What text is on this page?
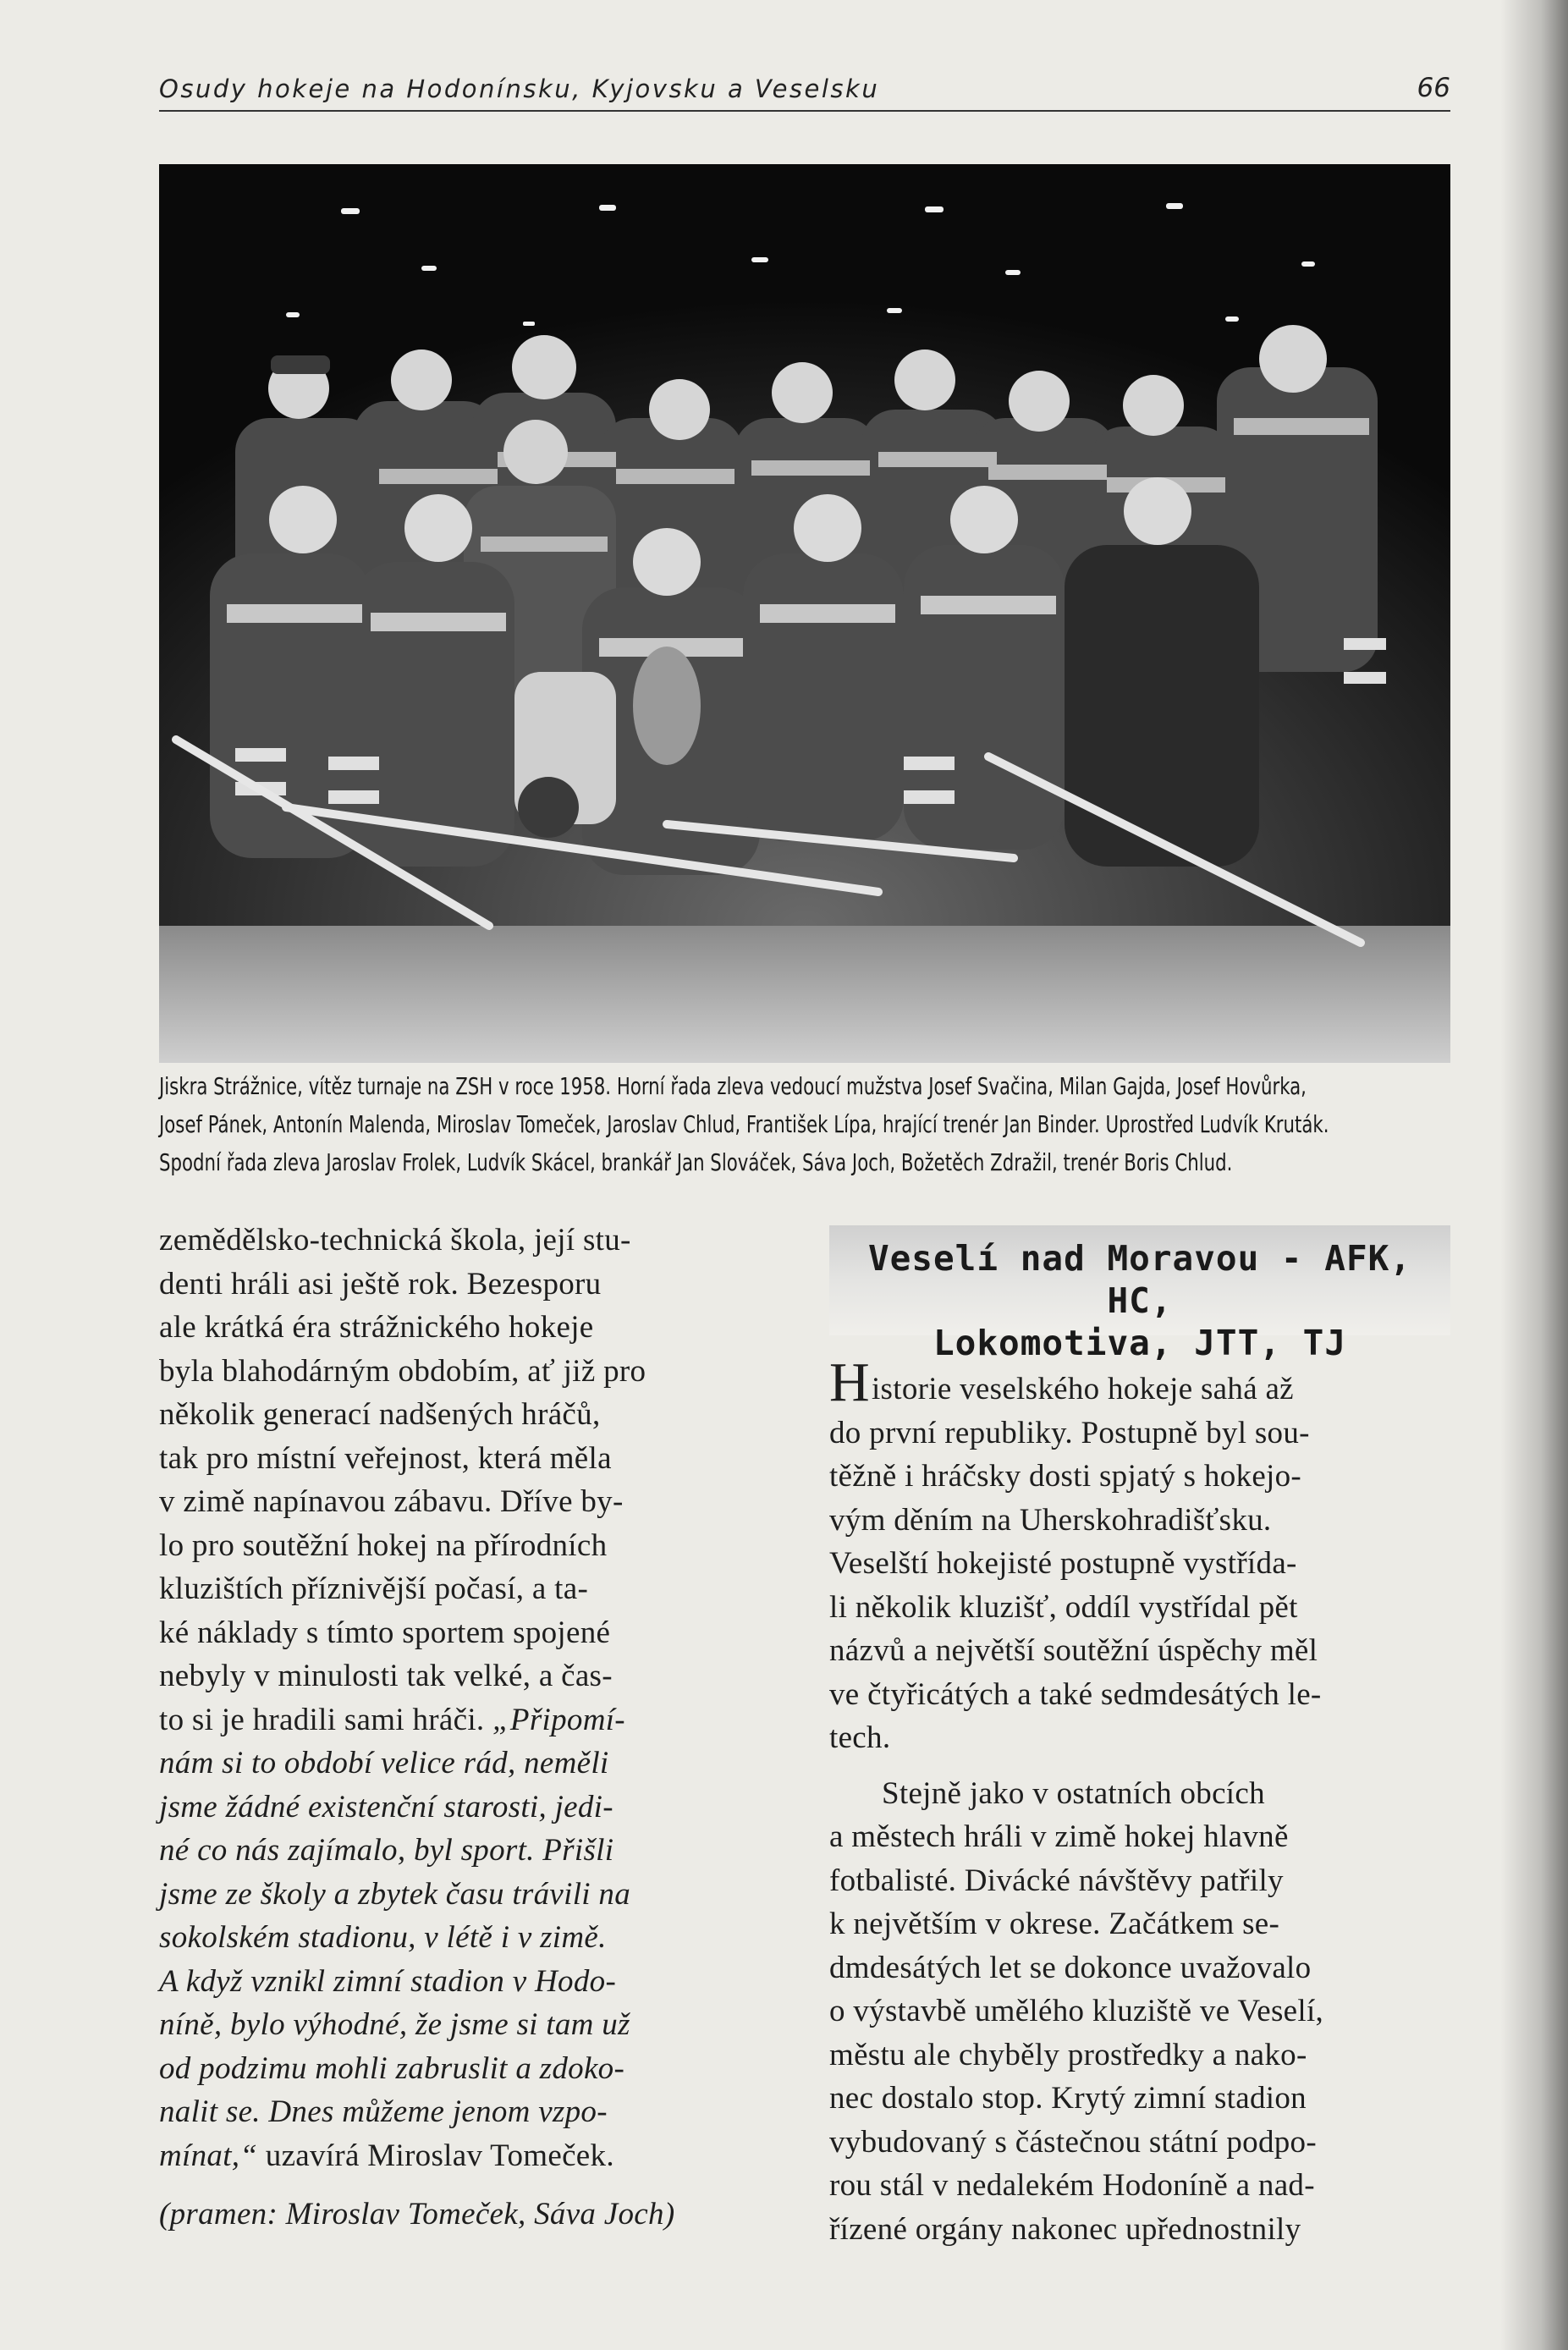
Osudy hokeje na Hodonínsku, Kyjovsku a Veselsku	66
Jiskra Strážnice, vítěz turnaje na ZSH v roce 1958. Horní řada zleva vedoucí mužstva Josef Svačina, Milan Gajda, Josef Hovůrka,
Josef Pánek, Antonín Malenda, Miroslav Tomeček, Jaroslav Chlud, František Lípa, hrající trenér Jan Binder. Uprostřed Ludvík Kruták.
Spodní řada zleva Jaroslav Frolek, Ludvík Skácel, brankář Jan Slováček, Sáva Joch, Božetěch Zdražil, trenér Boris Chlud.
zemědělsko-technická škola, její stu-
denti hráli asi ještě rok. Bezesporu
ale krátká éra strážnického hokeje
byla blahodárným obdobím, ať již pro
několik generací nadšených hráčů,
tak pro místní veřejnost, která měla
v zimě napínavou zábavu. Dříve by-
lo pro soutěžní hokej na přírodních
kluzištích příznivější počasí, a ta-
ké náklady s tímto sportem spojené
nebyly v minulosti tak velké, a čas-
to si je hradili sami hráči. „Připomí-
nám si to období velice rád, neměli
jsme žádné existenční starosti, jedi-
né co nás zajímalo, byl sport. Přišli
jsme ze školy a zbytek času trávili na
sokolském stadionu, v létě i v zimě.
A když vznikl zimní stadion v Hodo-
níně, bylo výhodné, že jsme si tam už
od podzimu mohli zabruslit a zdoko-
nalit se. Dnes můžeme jenom vzpo-
mínat,“ uzavírá Miroslav Tomeček.
(pramen: Miroslav Tomeček, Sáva Joch)
Veselí nad Moravou - AFK, HC,
Lokomotiva, JTT, TJ

Historie veselského hokeje sahá až
do první republiky. Postupně byl sou-
těžně i hráčsky dosti spjatý s hokejo-
vým děním na Uherskohradišťsku.
Veselští hokejisté postupně vystřída-
li několik kluzišť, oddíl vystřídal pět
názvů a největší soutěžní úspěchy měl
ve čtyřicátých a také sedmdesátých le-
tech.

Stejně jako v ostatních obcích
a městech hráli v zimě hokej hlavně
fotbalisté. Divácké návštěvy patřily
k největším v okrese. Začátkem se-
dmdesátých let se dokonce uvažovalo
o výstavbě umělého kluziště ve Veselí,
městu ale chyběly prostředky a nako-
nec dostalo stop. Krytý zimní stadion
vybudovaný s částečnou státní podpo-
rou stál v nedalekém Hodoníně a nad-
řízené orgány nakonec upřednostnily
